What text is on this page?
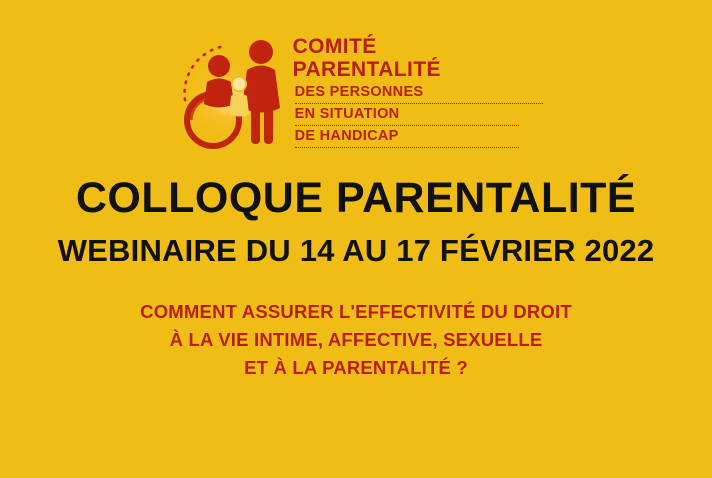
COMITÉ
PARENTALITÉ
DES PERSONNES
EN SITUATION
DE HANDICAP
COLLOQUE PARENTALITÉ
WEBINAIRE DU 14 AU 17 FÉVRIER 2022
COMMENT ASSURER L'EFFECTIVITÉ DU DROIT
À LA VIE INTIME, AFFECTIVE, SEXUELLE
ET À LA PARENTALITÉ ?
